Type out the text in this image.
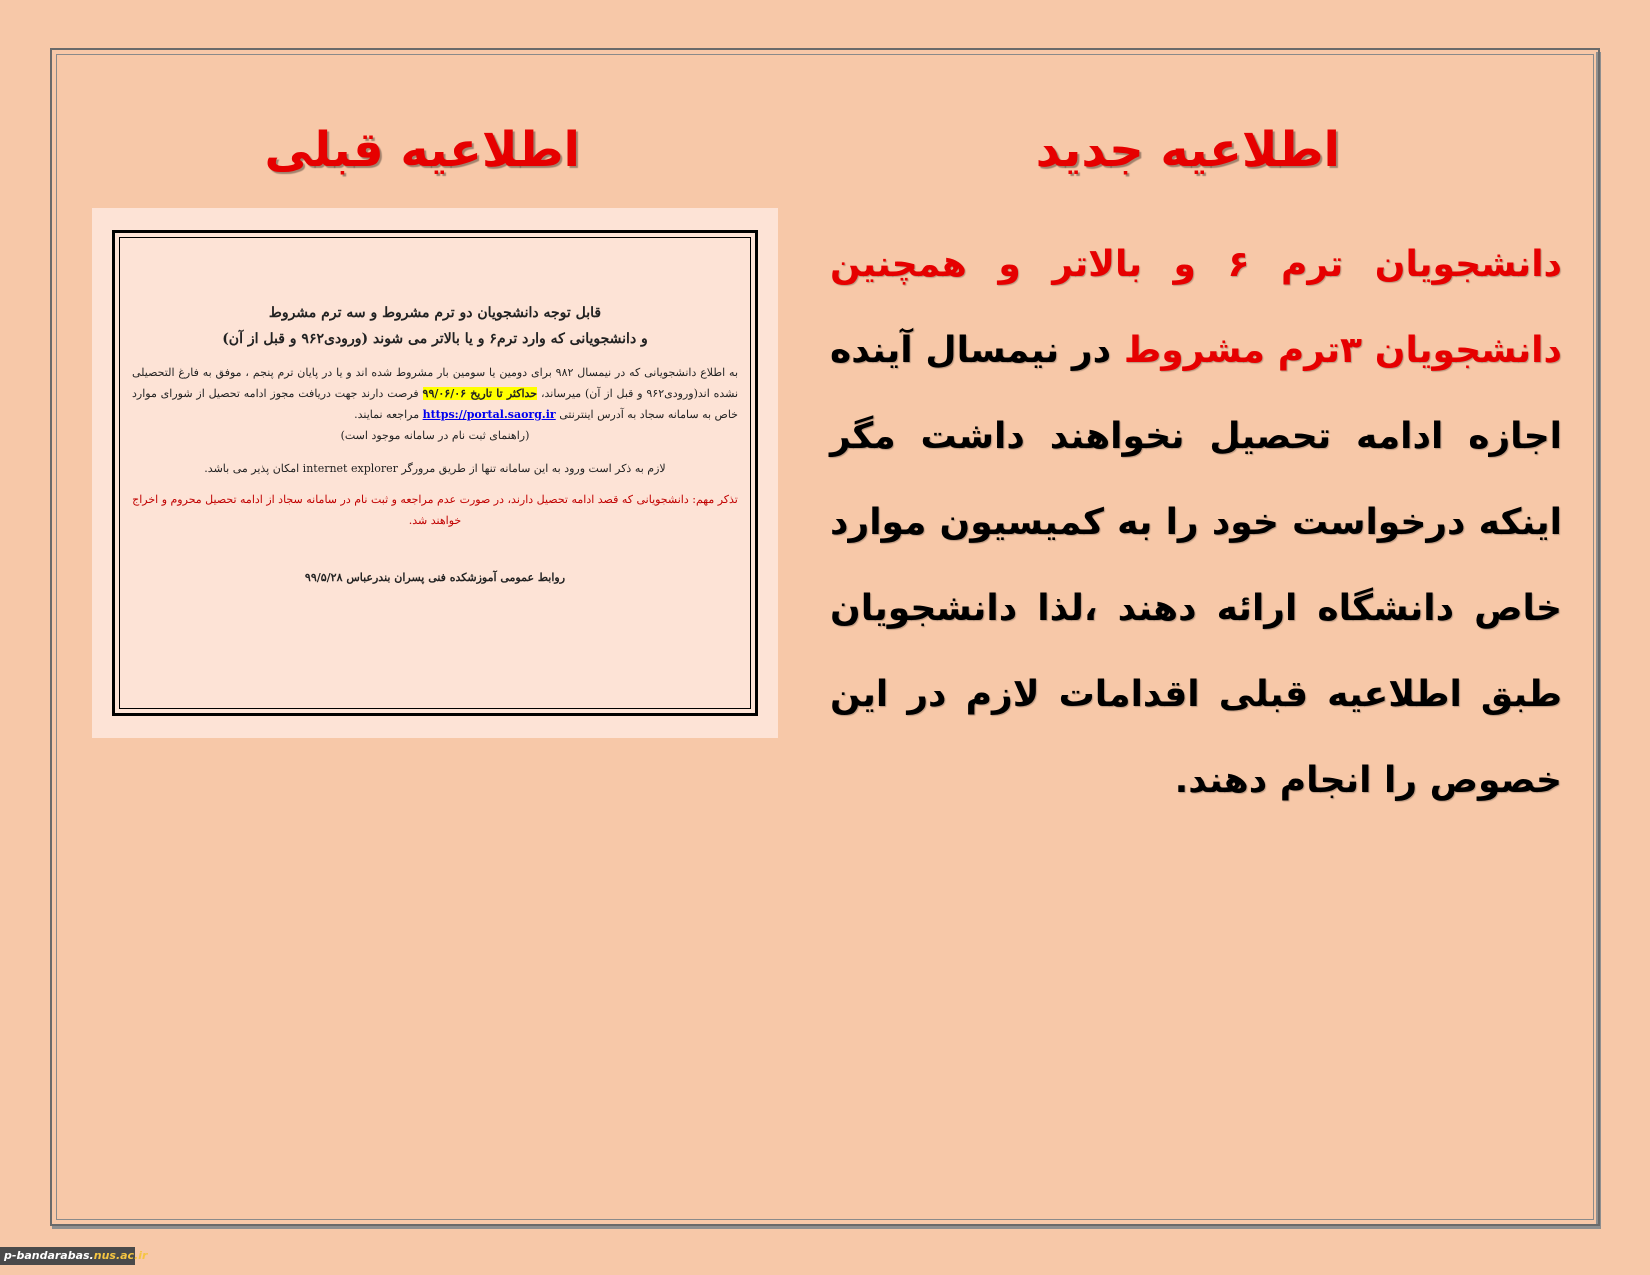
اطلاعیه جدید
اطلاعیه قبلی
دانشجویان ترم ۶ و بالاتر و همچنین دانشجویان ۳ترم مشروط در نیمسال آینده اجازه ادامه تحصیل نخواهند داشت مگر اینکه درخواست خود را به کمیسیون موارد خاص دانشگاه ارائه دهند ،لذا دانشجویان طبق اطلاعیه قبلی اقدامات لازم در این خصوص را انجام دهند.
قابل توجه دانشجویان دو ترم مشروط و سه ترم مشروط
و دانشجویانی که وارد ترم۶ و یا بالاتر می شوند (ورودی۹۶۲ و قبل از آن)
به اطلاع دانشجویانی که در نیمسال ۹۸۲ برای دومین یا سومین بار مشروط شده اند و یا در پایان ترم پنجم ، موفق به فارغ التحصیلی نشده اند(ورودی۹۶۲ و قبل از آن) میرساند، حداکثر تا تاریخ ۹۹/۰۶/۰۶ فرصت دارند جهت دریافت مجوز ادامه تحصیل از شورای موارد خاص به سامانه سجاد به آدرس اینترنتی https://portal.saorg.ir مراجعه نمایند.
(راهنمای ثبت نام در سامانه موجود است)
لازم به ذکر است ورود به این سامانه تنها از طریق مرورگر internet explorer امکان پذیر می باشد.
تذکر مهم: دانشجویانی که قصد ادامه تحصیل دارند، در صورت عدم مراجعه و ثبت نام در سامانه سجاد از ادامه تحصیل محروم و اخراج خواهند شد.
روابط عمومی آموزشکده فنی پسران بندرعباس ۹۹/۵/۲۸
p-bandarabas.nus.ac.ir
